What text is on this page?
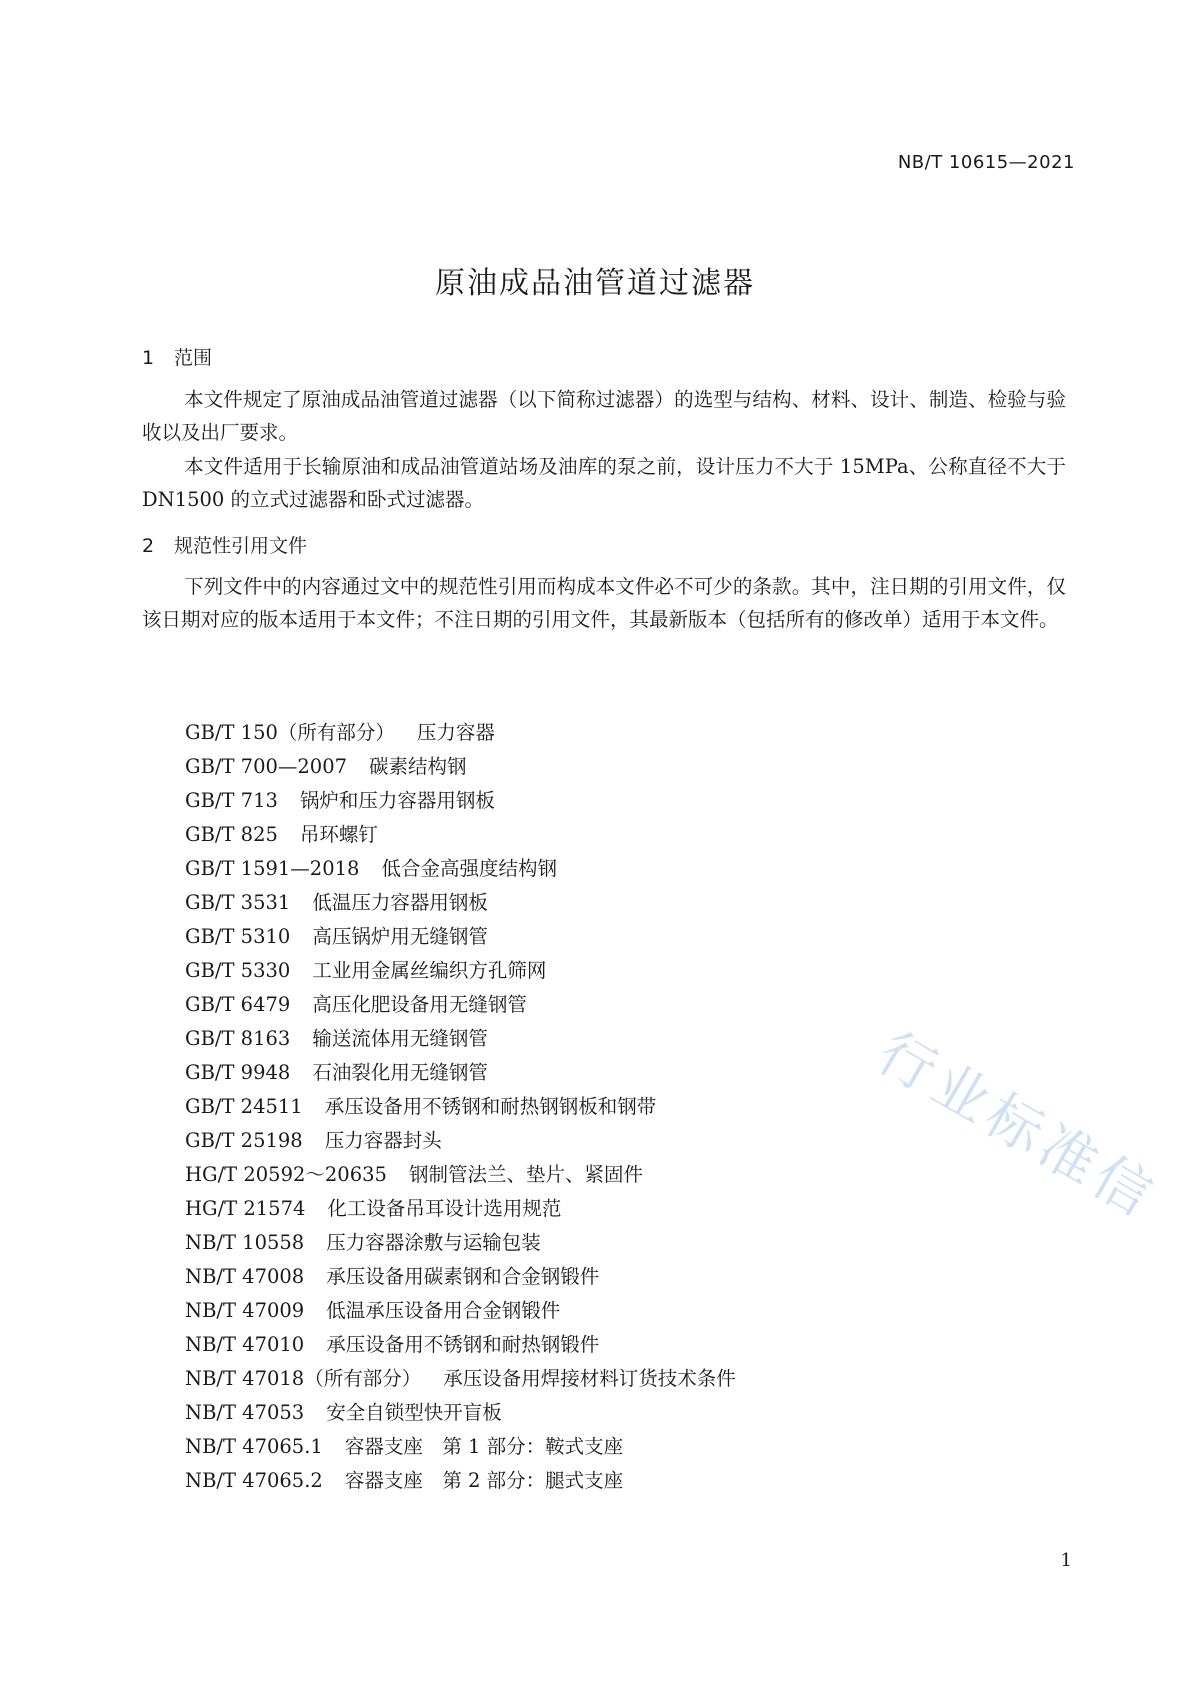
NB/T 10615—2021
原油成品油管道过滤器
1 范围
本文件规定了原油成品油管道过滤器（以下简称过滤器）的选型与结构、材料、设计、制造、检验与验收以及出厂要求。
本文件适用于长输原油和成品油管道站场及油库的泵之前，设计压力不大于 15MPa、公称直径不大于 DN1500 的立式过滤器和卧式过滤器。
2 规范性引用文件
下列文件中的内容通过文中的规范性引用而构成本文件必不可少的条款。其中，注日期的引用文件，仅该日期对应的版本适用于本文件；不注日期的引用文件，其最新版本（包括所有的修改单）适用于本文件。
GB/T 150（所有部分） 压力容器
GB/T 700—2007 碳素结构钢
GB/T 713 锅炉和压力容器用钢板
GB/T 825 吊环螺钉
GB/T 1591—2018 低合金高强度结构钢
GB/T 3531 低温压力容器用钢板
GB/T 5310 高压锅炉用无缝钢管
GB/T 5330 工业用金属丝编织方孔筛网
GB/T 6479 高压化肥设备用无缝钢管
GB/T 8163 输送流体用无缝钢管
GB/T 9948 石油裂化用无缝钢管
GB/T 24511 承压设备用不锈钢和耐热钢钢板和钢带
GB/T 25198 压力容器封头
HG/T 20592～20635 钢制管法兰、垫片、紧固件
HG/T 21574 化工设备吊耳设计选用规范
NB/T 10558 压力容器涂敷与运输包装
NB/T 47008 承压设备用碳素钢和合金钢锻件
NB/T 47009 低温承压设备用合金钢锻件
NB/T 47010 承压设备用不锈钢和耐热钢锻件
NB/T 47018（所有部分） 承压设备用焊接材料订货技术条件
NB/T 47053 安全自锁型快开盲板
NB/T 47065.1 容器支座　第 1 部分：鞍式支座
NB/T 47065.2 容器支座　第 2 部分：腿式支座
行业标准信
1
